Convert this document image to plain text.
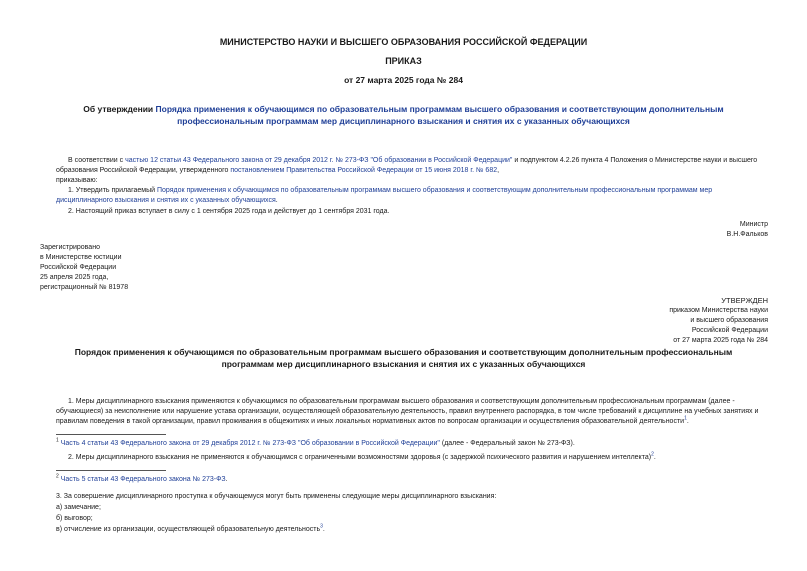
МИНИСТЕРСТВО НАУКИ И ВЫСШЕГО ОБРАЗОВАНИЯ РОССИЙСКОЙ ФЕДЕРАЦИИ
ПРИКАЗ
от 27 марта 2025 года № 284
Об утверждении Порядка применения к обучающимся по образовательным программам высшего образования и соответствующим дополнительным
профессиональным программам мер дисциплинарного взыскания и снятия их с указанных обучающихся
В соответствии с частью 12 статьи 43 Федерального закона от 29 декабря 2012 г. № 273-ФЗ "Об образовании в Российской Федерации" и подпунктом 4.2.26 пункта 4 Положения о Министерстве науки и высшего
образования Российской Федерации, утвержденного постановлением Правительства Российской Федерации от 15 июня 2018 г. № 682,
приказываю:
1. Утвердить прилагаемый Порядок применения к обучающимся по образовательным программам высшего образования и соответствующим дополнительным профессиональным программам мер
дисциплинарного взыскания и снятия их с указанных обучающихся.
2. Настоящий приказ вступает в силу с 1 сентября 2025 года и действует до 1 сентября 2031 года.
Министр
В.Н.Фальков
Зарегистрировано
в Министерстве юстиции
Российской Федерации
25 апреля 2025 года,
регистрационный № 81978
УТВЕРЖДЕН
приказом Министерства науки
и высшего образования
Российской Федерации
от 27 марта 2025 года № 284
Порядок применения к обучающимся по образовательным программам высшего образования и соответствующим дополнительным профессиональным
программам мер дисциплинарного взыскания и снятия их с указанных обучающихся
1. Меры дисциплинарного взыскания применяются к обучающимся по образовательным программам высшего образования и соответствующим дополнительным профессиональным программам (далее -
обучающиеся) за неисполнение или нарушение устава организации, осуществляющей образовательную деятельность, правил внутреннего распорядка, в том числе требований к дисциплине на учебных занятиях и
правилам поведения в такой организации, правил проживания в общежитиях и иных локальных нормативных актов по вопросам организации и осуществления образовательной деятельности$^1$.
$^1$ Часть 4 статьи 43 Федерального закона от 29 декабря 2012 г. № 273-ФЗ "Об образовании в Российской Федерации" (далее - Федеральный закон № 273-ФЗ).
2. Меры дисциплинарного взыскания не применяются к обучающимся с ограниченными возможностями здоровья (с задержкой психического развития и нарушением интеллекта)$^2$.
$^2$ Часть 5 статьи 43 Федерального закона № 273-ФЗ.
3. За совершение дисциплинарного проступка к обучающемуся могут быть применены следующие меры дисциплинарного взыскания:
а) замечание;
б) выговор;
в) отчисление из организации, осуществляющей образовательную деятельность$^3$.
